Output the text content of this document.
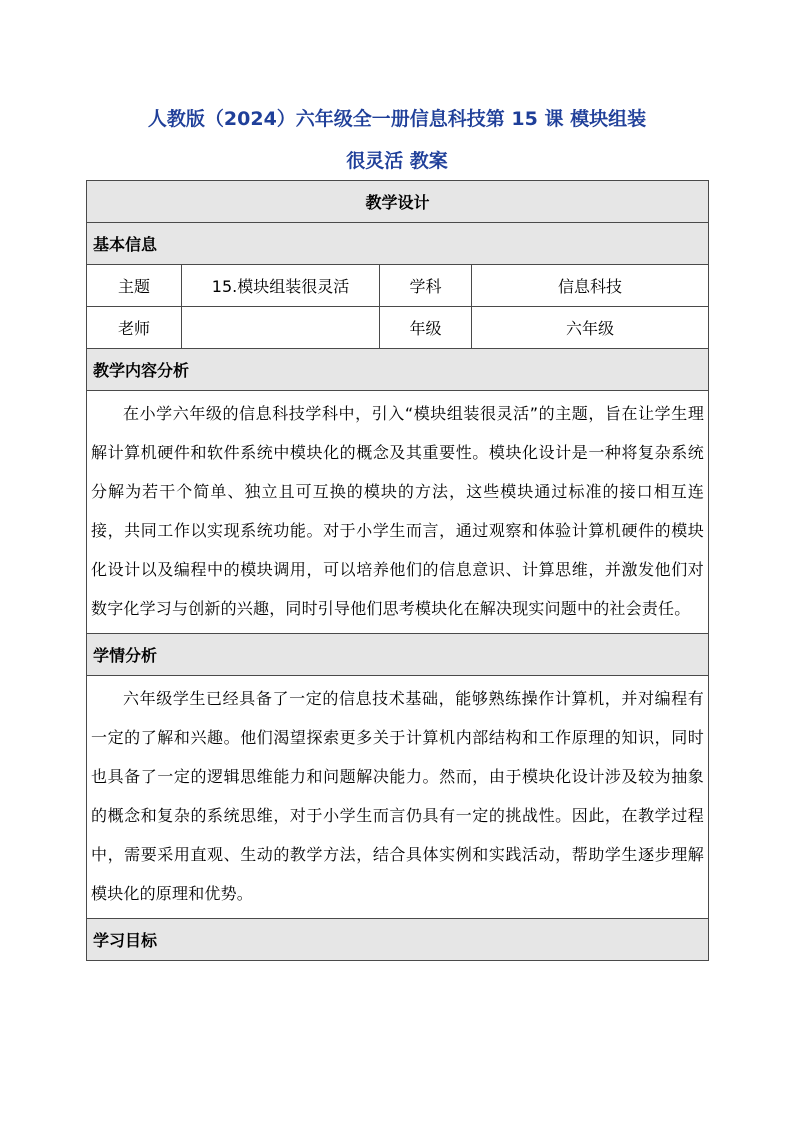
人教版（2024）六年级全一册信息科技第 15 课 模块组装
很灵活 教案
教学设计			
基本信息			
主题	15.模块组装很灵活	学科	信息科技
老师		年级	六年级
教学内容分析			
在小学六年级的信息科技学科中，引入“模块组装很灵活”的主题，旨在让学生理解计算机硬件和软件系统中模块化的概念及其重要性。模块化设计是一种将复杂系统分解为若干个简单、独立且可互换的模块的方法，这些模块通过标准的接口相互连接，共同工作以实现系统功能。对于小学生而言，通过观察和体验计算机硬件的模块化设计以及编程中的模块调用，可以培养他们的信息意识、计算思维，并激发他们对数字化学习与创新的兴趣，同时引导他们思考模块化在解决现实问题中的社会责任。			
学情分析			
六年级学生已经具备了一定的信息技术基础，能够熟练操作计算机，并对编程有一定的了解和兴趣。他们渴望探索更多关于计算机内部结构和工作原理的知识，同时也具备了一定的逻辑思维能力和问题解决能力。然而，由于模块化设计涉及较为抽象的概念和复杂的系统思维，对于小学生而言仍具有一定的挑战性。因此，在教学过程中，需要采用直观、生动的教学方法，结合具体实例和实践活动，帮助学生逐步理解模块化的原理和优势。			
学习目标			
